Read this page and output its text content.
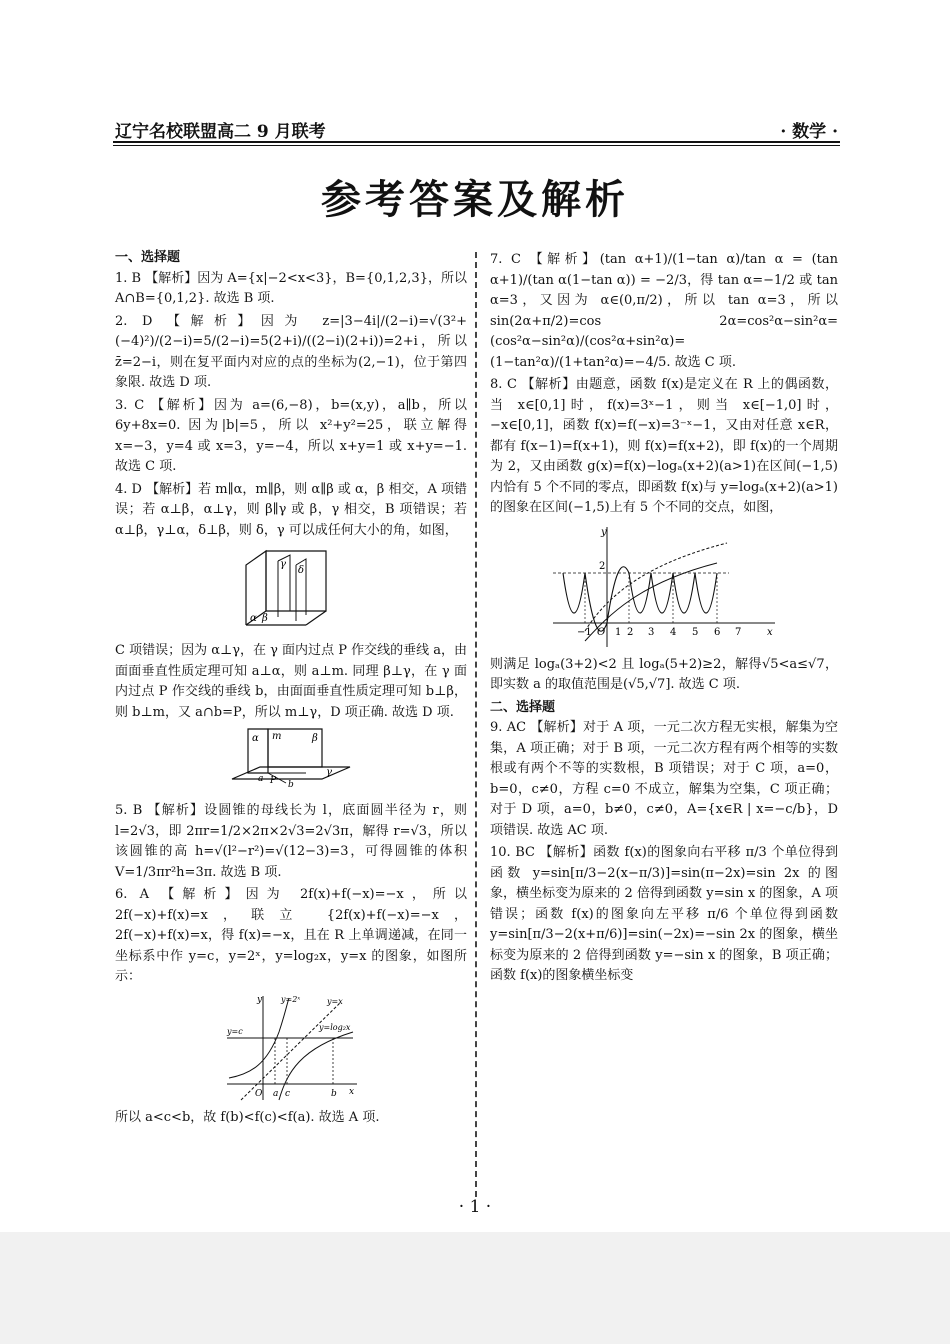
辽宁名校联盟高二 9 月联考	· 数学 ·
参考答案及解析

一、选择题

1. B 【解析】因为 A={x|−2<x<3}，B={0,1,2,3}，所以 A∩B={0,1,2}. 故选 B 项.

2. D 【解析】因为 z=|3−4i|/(2−i)=√(3²+(−4)²)/(2−i)=5/(2−i)=5(2+i)/((2−i)(2+i))=2+i，所以 z̄=2−i，则在复平面内对应的点的坐标为(2,−1)，位于第四象限. 故选 D 项.

3. C 【解析】因为 a=(6,−8)，b=(x,y)，a∥b，所以 6y+8x=0. 因为|b|=5，所以 x²+y²=25，联立解得 x=−3，y=4 或 x=3，y=−4，所以 x+y=1 或 x+y=−1. 故选 C 项.

4. D 【解析】若 m∥α，m∥β，则 α∥β 或 α，β 相交，A 项错误；若 α⊥β，α⊥γ，则 β∥γ 或 β，γ 相交，B 项错误；若 α⊥β，γ⊥α，δ⊥β，则 δ，γ 可以成任何大小的角，如图，

γ
δ
α β

C 项错误；因为 α⊥γ，在 γ 面内过点 P 作交线的垂线 a，由面面垂直性质定理可知 a⊥α，则 a⊥m. 同理 β⊥γ，在 γ 面内过点 P 作交线的垂线 b，由面面垂直性质定理可知 b⊥β，则 b⊥m，又 a∩b=P，所以 m⊥γ，D 项正确. 故选 D 项.

α m	β
P
a
b
γ

5. B 【解析】设圆锥的母线长为 l，底面圆半径为 r，则 l=2√3，即 2πr=1/2×2π×2√3=2√3π，解得 r=√3，所以该圆锥的高 h=√(l²−r²)=√(12−3)=3，可得圆锥的体积 V=1/3πr²h=3π. 故选 B 项.

6. A 【解析】因为 2f(x)+f(−x)=−x，所以 2f(−x)+f(x)=x，联立 {2f(x)+f(−x)=−x，2f(−x)+f(x)=x，得 f(x)=−x，且在 R 上单调递减，在同一坐标系中作 y=c，y=2ˣ，y=log₂x，y=x 的图象，如图所示：

y
x
O a c	b
y=c
y=2ˣ	y=x
y=log₂x

所以 a<c<b，故 f(b)<f(c)<f(a). 故选 A 项.

7. C 【解析】(tan α+1)/(1−tan α)/tan α = (tan α+1)/(tan α(1−tan α)) = −2/3，得 tan α=−1/2 或 tan α=3，又因为 α∈(0,π/2)，所以 tan α=3，所以 sin(2α+π/2)=cos 2α=cos²α−sin²α=(cos²α−sin²α)/(cos²α+sin²α)=(1−tan²α)/(1+tan²α)=−4/5. 故选 C 项.

8. C 【解析】由题意，函数 f(x)是定义在 R 上的偶函数，当 x∈[0,1]时，f(x)=3ˣ−1，则当 x∈[−1,0]时，−x∈[0,1]，函数 f(x)=f(−x)=3⁻ˣ−1，又由对任意 x∈R，都有 f(x−1)=f(x+1)，则 f(x)=f(x+2)，即 f(x)的一个周期为 2，又由函数 g(x)=f(x)−logₐ(x+2)(a>1)在区间(−1,5)内恰有 5 个不同的零点，即函数 f(x)与 y=logₐ(x+2)(a>1)的图象在区间(−1,5)上有 5 个不同的交点，如图，

y
x
O
2
−1 1 2 3 4 5 6 7

则满足 logₐ(3+2)<2 且 logₐ(5+2)≥2，解得√5<a≤√7，即实数 a 的取值范围是(√5,√7]. 故选 C 项.

二、选择题

9. AC 【解析】对于 A 项，一元二次方程无实根，解集为空集，A 项正确；对于 B 项，一元二次方程有两个相等的实数根或有两个不等的实数根，B 项错误；对于 C 项，a=0，b=0，c≠0，方程 c=0 不成立，解集为空集，C 项正确；对于 D 项，a=0，b≠0，c≠0，A={x∈R | x=−c/b}，D 项错误. 故选 AC 项.

10. BC 【解析】函数 f(x)的图象向右平移 π/3 个单位得到函数 y=sin[π/3−2(x−π/3)]=sin(π−2x)=sin 2x 的图象，横坐标变为原来的 2 倍得到函数 y=sin x 的图象，A 项错误；函数 f(x)的图象向左平移 π/6 个单位得到函数 y=sin[π/3−2(x+π/6)]=sin(−2x)=−sin 2x 的图象，横坐标变为原来的 2 倍得到函数 y=−sin x 的图象，B 项正确；函数 f(x)的图象横坐标变

· 1 ·
